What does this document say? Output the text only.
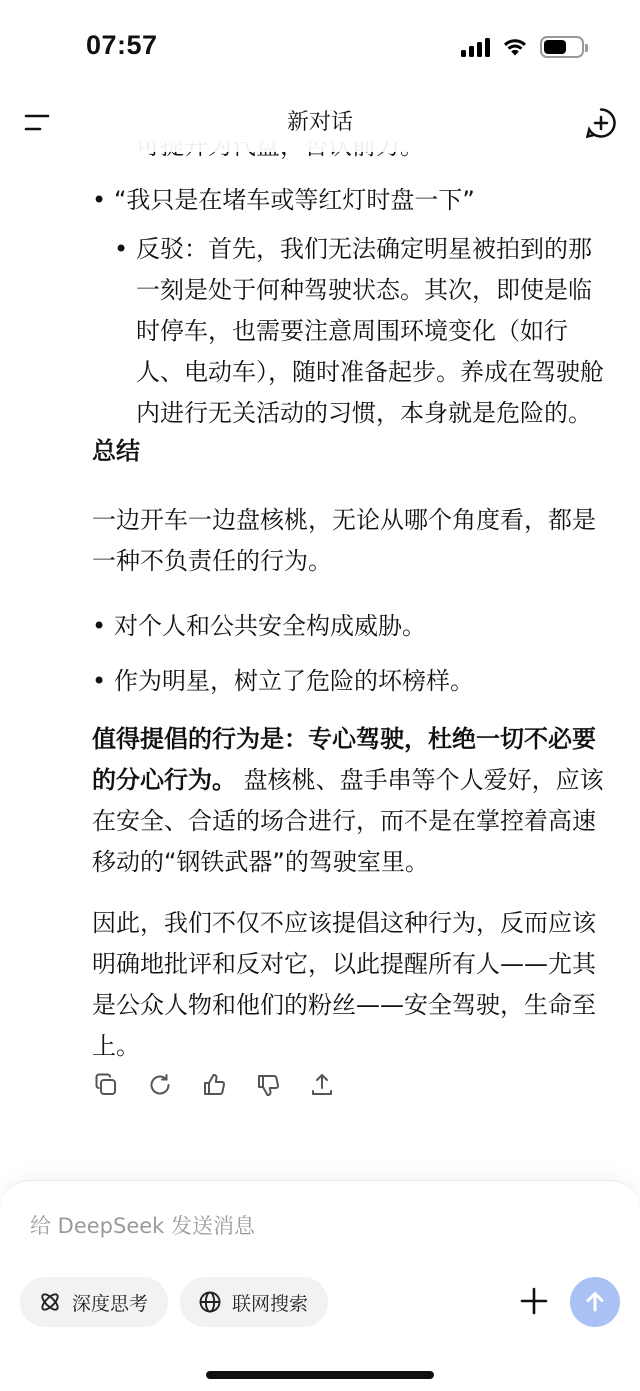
07:57
• “我只是在堵车或等红灯时盘一下”
• 反驳：首先，我们无法确定明星被拍到的那一刻是处于何种驾驶状态。其次，即使是临时停车，也需要注意周围环境变化（如行人、电动车），随时准备起步。养成在驾驶舱内进行无关活动的习惯，本身就是危险的。
总结
一边开车一边盘核桃，无论从哪个角度看，都是一种不负责任的行为。
• 对个人和公共安全构成威胁。
• 作为明星，树立了危险的坏榜样。
值得提倡的行为是：专心驾驶，杜绝一切不必要的分心行为。 盘核桃、盘手串等个人爱好，应该在安全、合适的场合进行，而不是在掌控着高速移动的“钢铁武器”的驾驶室里。
因此，我们不仅不应该提倡这种行为，反而应该明确地批评和反对它，以此提醒所有人——尤其是公众人物和他们的粉丝——安全驾驶，生命至上。
新对话
给 DeepSeek 发送消息
深度思考	联网搜索
